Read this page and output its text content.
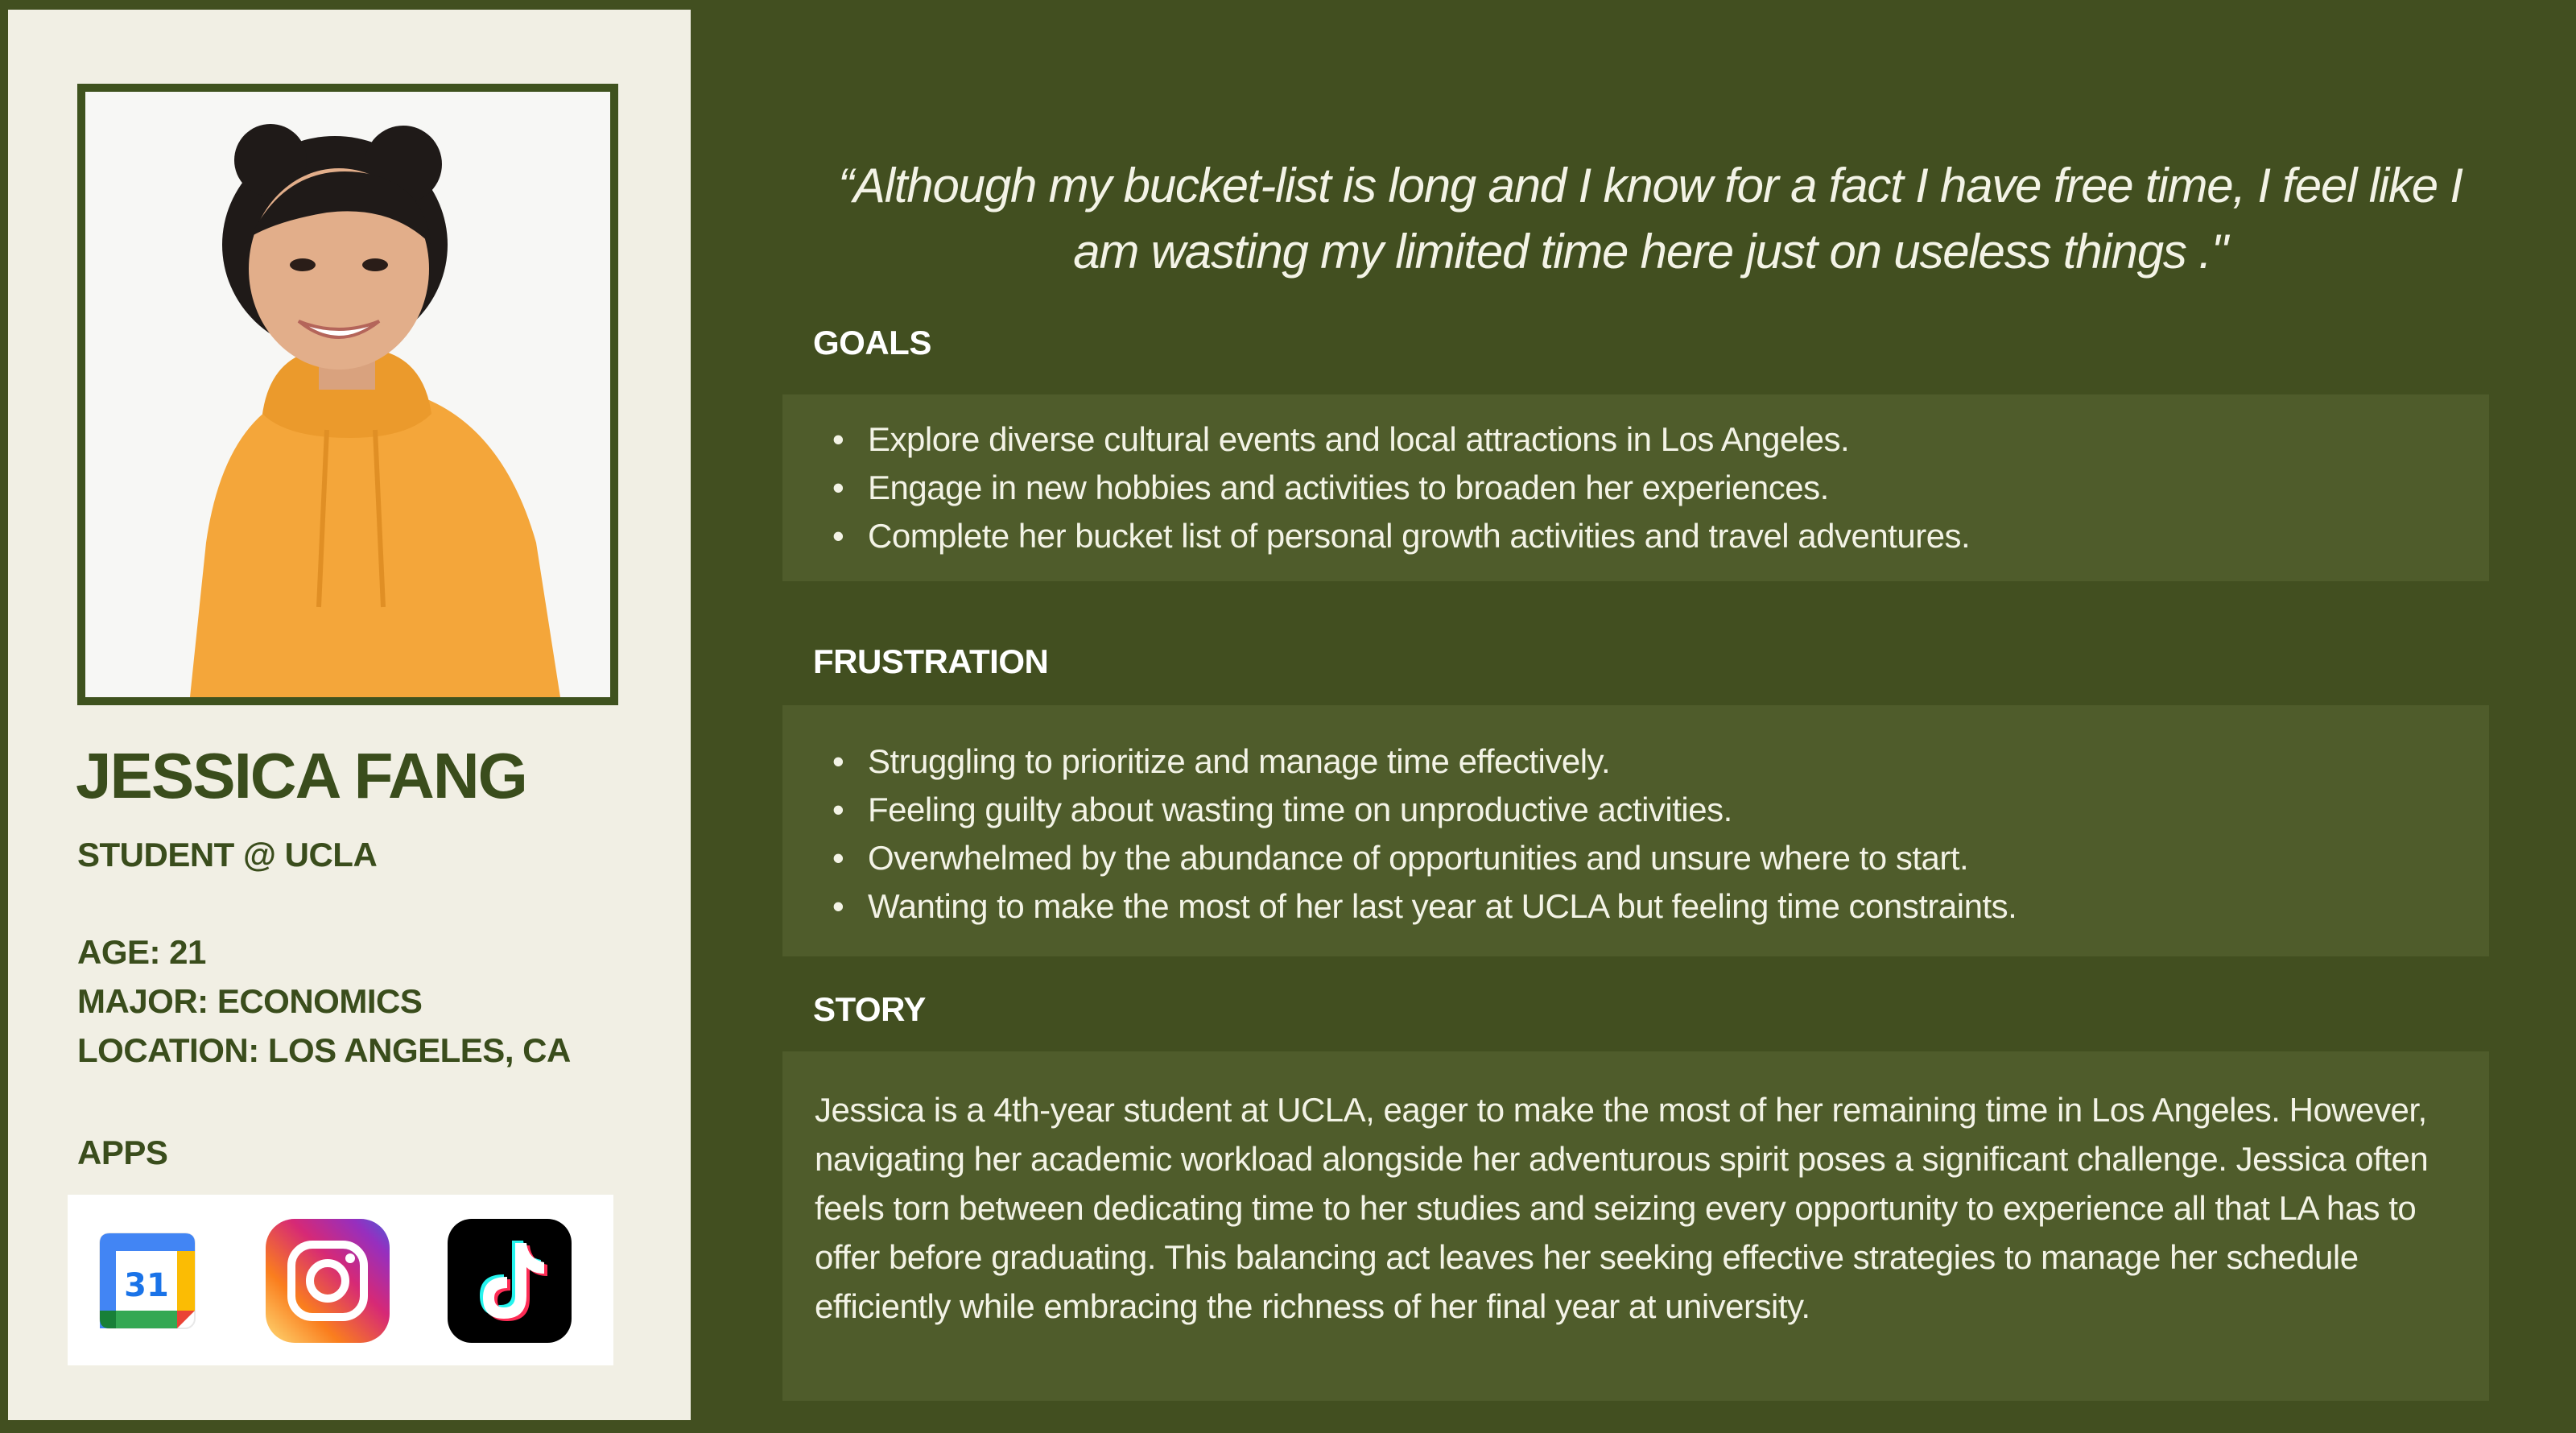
JESSICA FANG
STUDENT @ UCLA
AGE: 21
MAJOR: ECONOMICS
LOCATION: LOS ANGELES, CA
APPS
31
“Although my bucket-list is long and I know for a fact I have free time, I feel like I am wasting my limited time here just on useless things ."
GOALS
• Explore diverse cultural events and local attractions in Los Angeles.
• Engage in new hobbies and activities to broaden her experiences.
• Complete her bucket list of personal growth activities and travel adventures.
FRUSTRATION
• Struggling to prioritize and manage time effectively.
• Feeling guilty about wasting time on unproductive activities.
• Overwhelmed by the abundance of opportunities and unsure where to start.
• Wanting to make the most of her last year at UCLA but feeling time constraints.
STORY

Jessica is a 4th-year student at UCLA, eager to make the most of her remaining time in Los Angeles. However, navigating her academic workload alongside her adventurous spirit poses a significant challenge. Jessica often feels torn between dedicating time to her studies and seizing every opportunity to experience all that LA has to offer before graduating. This balancing act leaves her seeking effective strategies to manage her schedule efficiently while embracing the richness of her final year at university.
